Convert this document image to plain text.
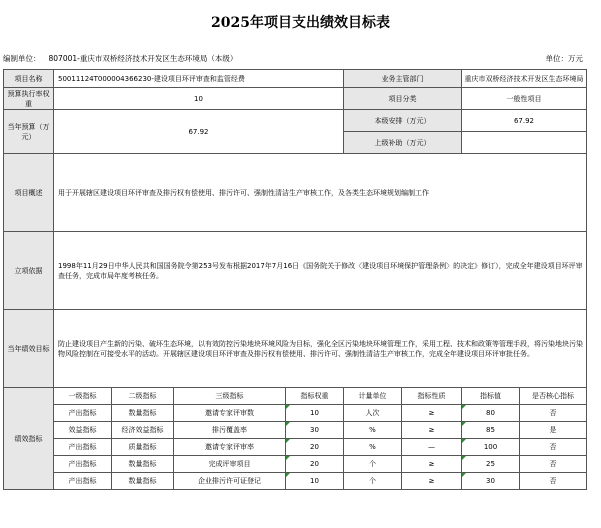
2025年项目支出绩效目标表
编制单位： 807001-重庆市双桥经济技术开发区生态环境局（本级）	单位：万元
项目名称	50011124T000004366230-建设项目环评审查和监管经费				业务主管部门		重庆市双桥经济技术开发区生态环境局	
预算执行率权重	10				项目分类		一般性项目	
当年预算（万元）	67.92				本级安排（万元）		67.92	
					上级补助（万元）			
项目概述	用于开展辖区建设项目环评审查及排污权有偿使用、排污许可、强制性清洁生产审核工作，及各类生态环境规划编制工作							
立项依据	1998年11月29日中华人民共和国国务院令第253号发布根据2017年7月16日《国务院关于修改〈建设项目环境保护管理条例〉的决定》修订），完成全年建设项目环评审查任务，完成市局年度考核任务。							
当年绩效目标	防止建设项目产生新的污染、破坏生态环境，以有效防控污染地块环境风险为目标，强化全区污染地块环境管理工作，采用工程、技术和政策等管理手段，将污染地块污染物风险控制在可接受水平的活动。开展辖区建设项目环评审查及排污权有偿使用、排污许可、强制性清洁生产审核工作，完成全年建设项目环评审批任务。							
绩效指标	一级指标	二级指标	三级指标	指标权重	计量单位	指标性质	指标值	是否核心指标
	产出指标	数量指标	邀请专家评审数	10	人次	≥	80	否
	效益指标	经济效益指标	排污覆盖率	30	%	≥	85	是
	产出指标	质量指标	邀请专家评审率	20	%	—	100	否
	产出指标	数量指标	完成评审项目	20	个	≥	25	否
	产出指标	数量指标	企业排污许可证登记	10	个	≥	30	否
